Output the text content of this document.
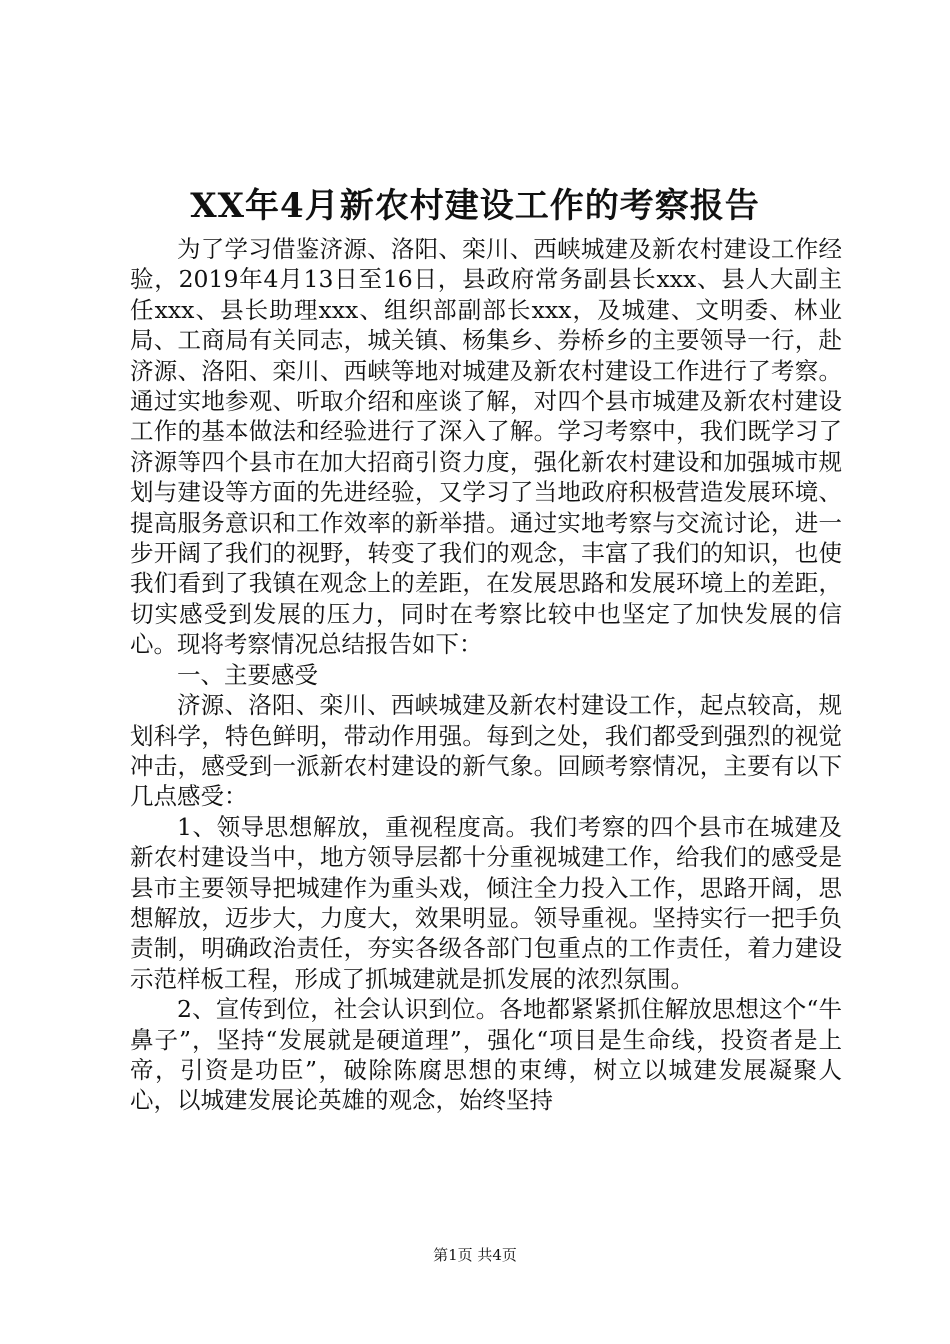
XX年4月新农村建设工作的考察报告

为了学习借鉴济源、洛阳、栾川、西峡城建及新农村建设工作经验，2019年4月13日至16日，县政府常务副县长xxx、县人大副主任xxx、县长助理xxx、组织部副部长xxx，及城建、文明委、林业局、工商局有关同志，城关镇、杨集乡、券桥乡的主要领导一行，赴济源、洛阳、栾川、西峡等地对城建及新农村建设工作进行了考察。通过实地参观、听取介绍和座谈了解，对四个县市城建及新农村建设工作的基本做法和经验进行了深入了解。学习考察中，我们既学习了济源等四个县市在加大招商引资力度，强化新农村建设和加强城市规划与建设等方面的先进经验，又学习了当地政府积极营造发展环境、提高服务意识和工作效率的新举措。通过实地考察与交流讨论，进一步开阔了我们的视野，转变了我们的观念，丰富了我们的知识，也使我们看到了我镇在观念上的差距，在发展思路和发展环境上的差距，切实感受到发展的压力，同时在考察比较中也坚定了加快发展的信心。现将考察情况总结报告如下：

一、主要感受

济源、洛阳、栾川、西峡城建及新农村建设工作，起点较高，规划科学，特色鲜明，带动作用强。每到之处，我们都受到强烈的视觉冲击，感受到一派新农村建设的新气象。回顾考察情况，主要有以下几点感受：

1、领导思想解放，重视程度高。我们考察的四个县市在城建及新农村建设当中，地方领导层都十分重视城建工作，给我们的感受是县市主要领导把城建作为重头戏，倾注全力投入工作，思路开阔，思想解放，迈步大，力度大，效果明显。领导重视。坚持实行一把手负责制，明确政治责任，夯实各级各部门包重点的工作责任，着力建设示范样板工程，形成了抓城建就是抓发展的浓烈氛围。

2、宣传到位，社会认识到位。各地都紧紧抓住解放思想这个“牛鼻子”，坚持“发展就是硬道理”，强化“项目是生命线，投资者是上帝，引资是功臣”，破除陈腐思想的束缚，树立以城建发展凝聚人心，以城建发展论英雄的观念，始终坚持

第1页 共4页
